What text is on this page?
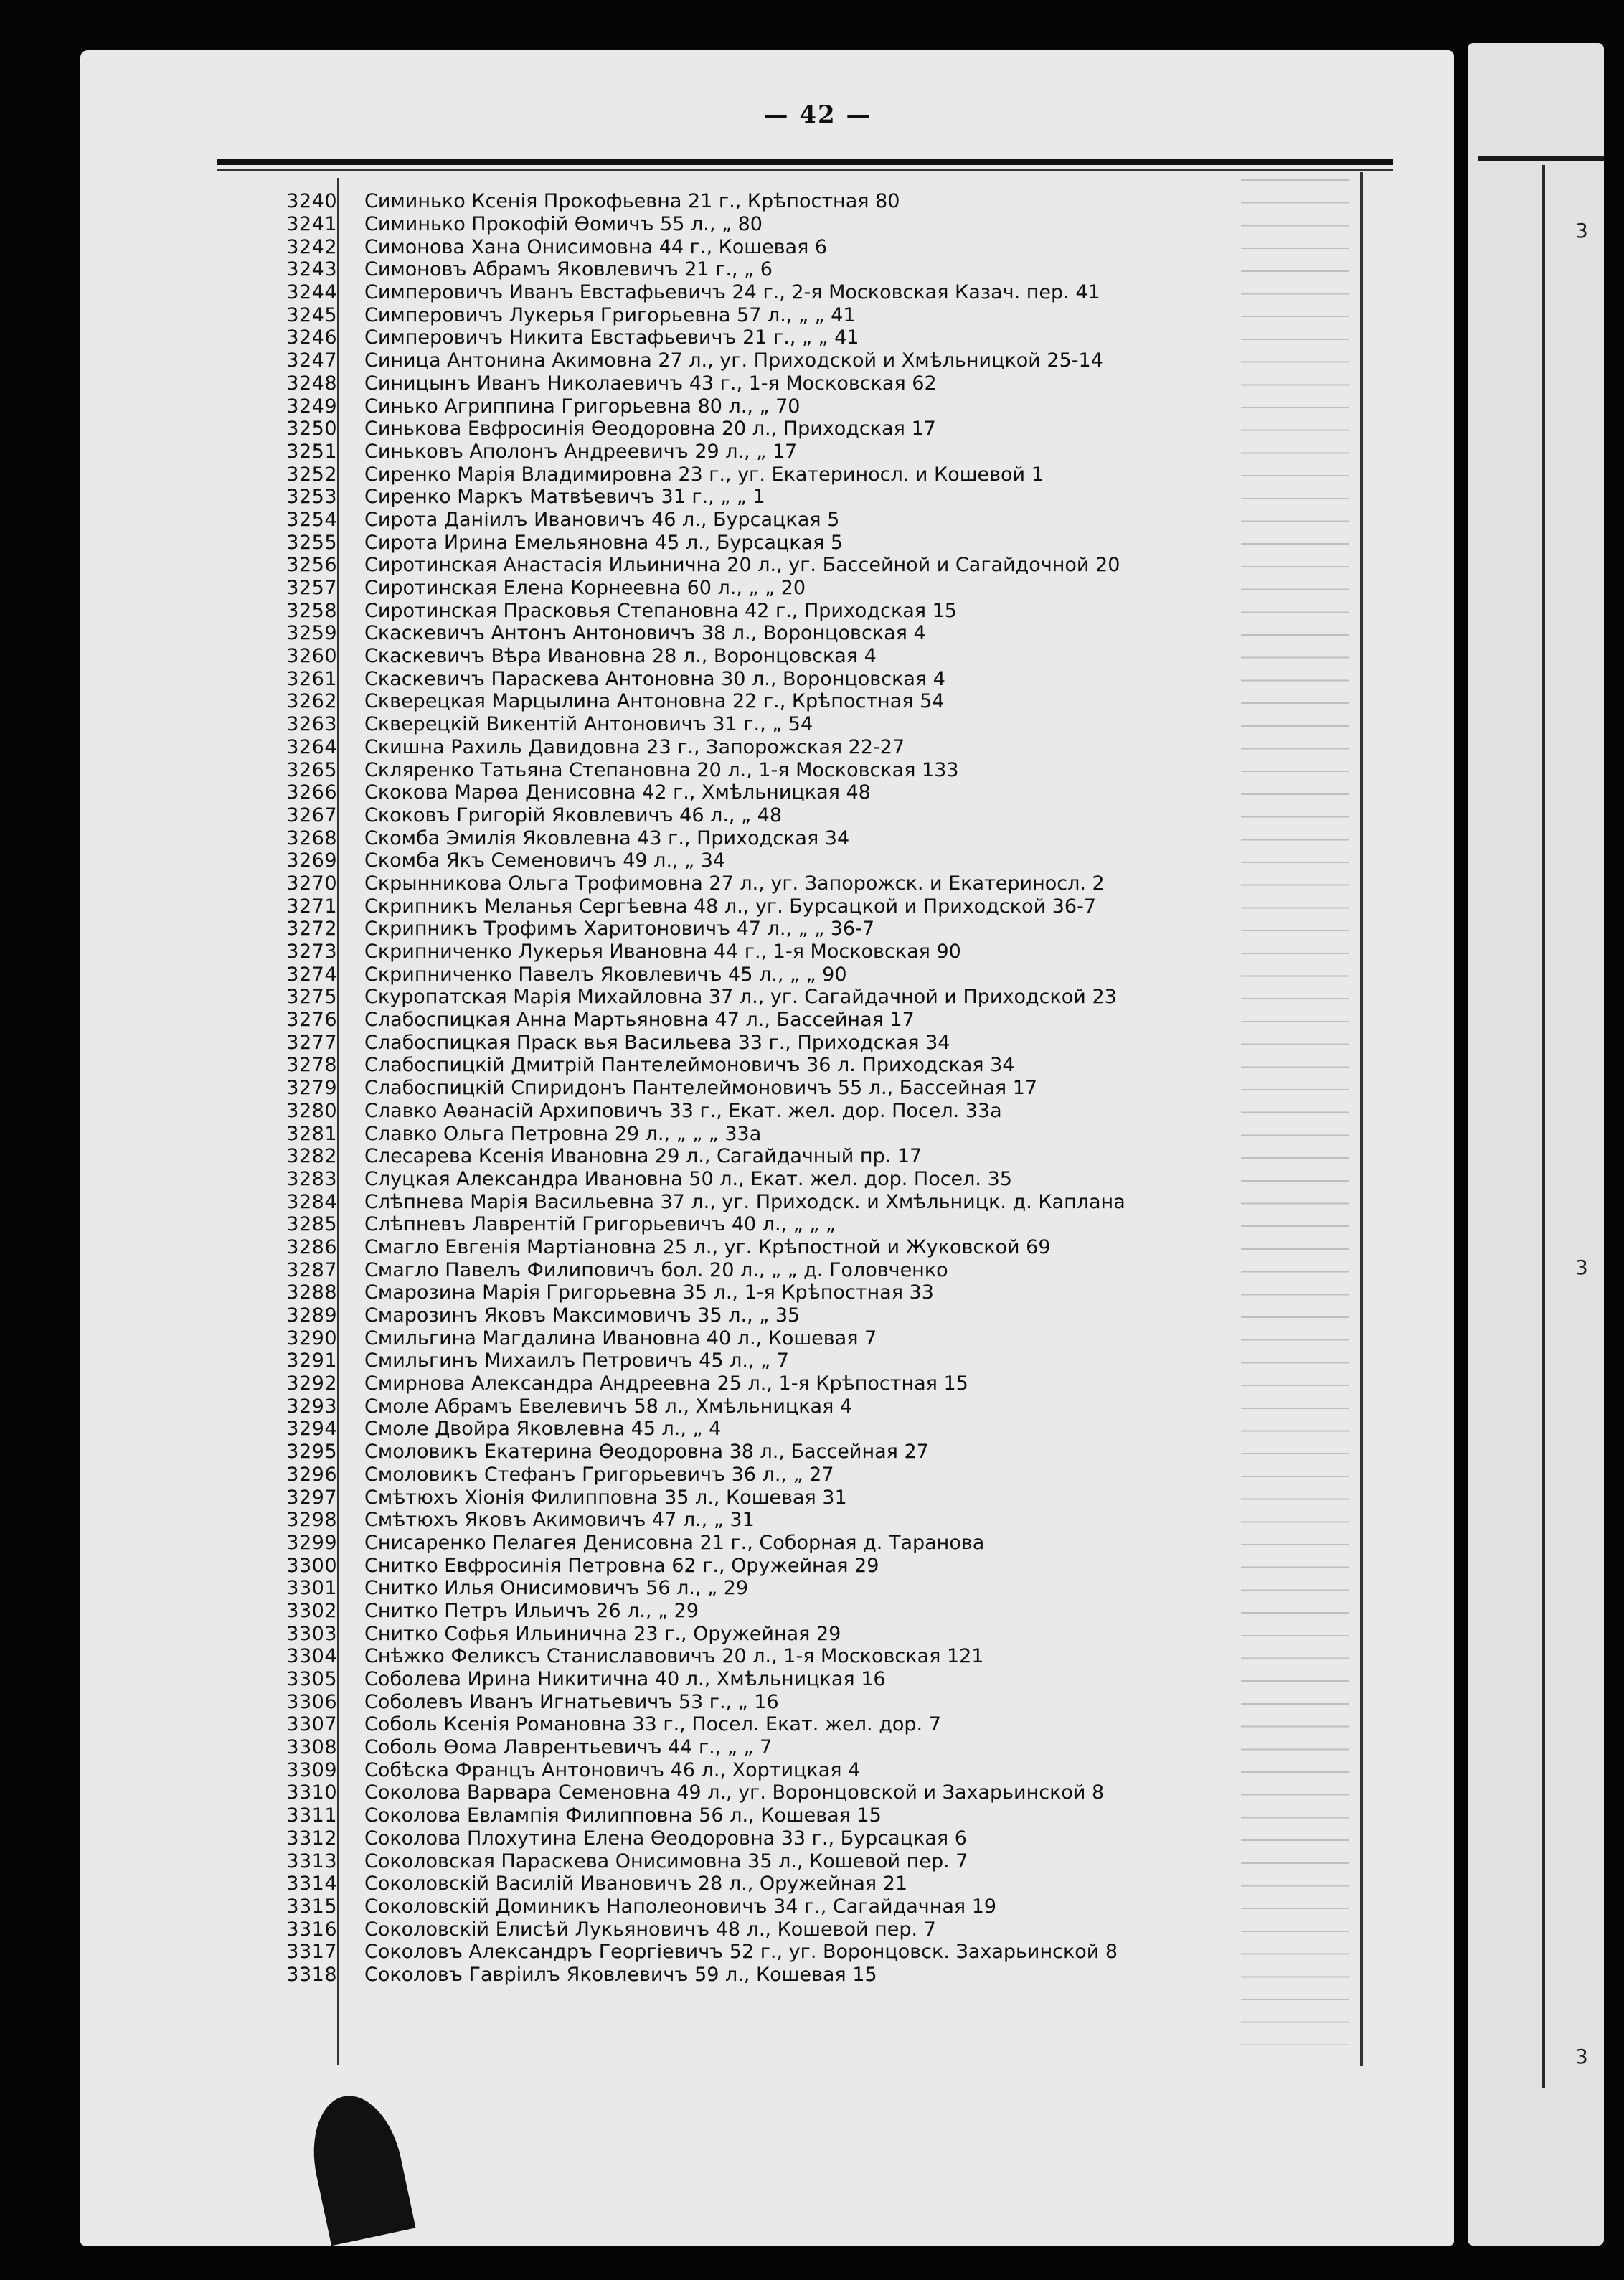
3
3
3
— 42 —
3240 Симинько Ксенія Прокофьевна 21 г., Крѣпостная 80
3241 Симинько Прокофій Өомичъ 55 л., „ 80
3242 Симонова Хана Онисимовна 44 г., Кошевая 6
3243 Симоновъ Абрамъ Яковлевичъ 21 г., „ 6
3244 Симперовичъ Иванъ Евстафьевичъ 24 г., 2-я Московская Казач. пер. 41
3245 Симперовичъ Лукерья Григорьевна 57 л., „ „ 41
3246 Симперовичъ Никита Евстафьевичъ 21 г., „ „ 41
3247 Синица Антонина Акимовна 27 л., уг. Приходской и Хмѣльницкой 25-14
3248 Синицынъ Иванъ Николаевичъ 43 г., 1-я Московская 62
3249 Синько Агриппина Григорьевна 80 л., „ 70
3250 Синькова Евфросинія Өеодоровна 20 л., Приходская 17
3251 Синьковъ Аполонъ Андреевичъ 29 л., „ 17
3252 Сиренко Марія Владимировна 23 г., уг. Екатериносл. и Кошевой 1
3253 Сиренко Маркъ Матвѣевичъ 31 г., „ „ 1
3254 Сирота Даніилъ Ивановичъ 46 л., Бурсацкая 5
3255 Сирота Ирина Емельяновна 45 л., Бурсацкая 5
3256 Сиротинская Анастасія Ильинична 20 л., уг. Бассейной и Сагайдочной 20
3257 Сиротинская Елена Корнеевна 60 л., „ „ 20
3258 Сиротинская Прасковья Степановна 42 г., Приходская 15
3259 Скаскевичъ Антонъ Антоновичъ 38 л., Воронцовская 4
3260 Скаскевичъ Вѣра Ивановна 28 л., Воронцовская 4
3261 Скаскевичъ Параскева Антоновна 30 л., Воронцовская 4
3262 Скверецкая Марцылина Антоновна 22 г., Крѣпостная 54
3263 Скверецкій Викентій Антоновичъ 31 г., „ 54
3264 Скишна Рахиль Давидовна 23 г., Запорожская 22-27
3265 Скляренко Татьяна Степановна 20 л., 1-я Московская 133
3266 Скокова Марөа Денисовна 42 г., Хмѣльницкая 48
3267 Скоковъ Григорій Яковлевичъ 46 л., „ 48
3268 Скомба Эмилія Яковлевна 43 г., Приходская 34
3269 Скомба Якъ Семеновичъ 49 л., „ 34
3270 Скрынникова Ольга Трофимовна 27 л., уг. Запорожск. и Екатериносл. 2
3271 Скрипникъ Меланья Сергѣевна 48 л., уг. Бурсацкой и Приходской 36-7
3272 Скрипникъ Трофимъ Харитоновичъ 47 л., „ „ 36-7
3273 Скрипниченко Лукерья Ивановна 44 г., 1-я Московская 90
3274 Скрипниченко Павелъ Яковлевичъ 45 л., „ „ 90
3275 Скуропатская Марія Михайловна 37 л., уг. Сагайдачной и Приходской 23
3276 Слабоспицкая Анна Мартьяновна 47 л., Бассейная 17
3277 Слабоспицкая Праск вья Васильева 33 г., Приходская 34
3278 Слабоспицкій Дмитрій Пантелеймоновичъ 36 л. Приходская 34
3279 Слабоспицкій Спиридонъ Пантелеймоновичъ 55 л., Бассейная 17
3280 Славко Аөанасій Архиповичъ 33 г., Екат. жел. дор. Посел. 33а
3281 Славко Ольга Петровна 29 л., „ „ „ 33а
3282 Слесарева Ксенія Ивановна 29 л., Сагайдачный пр. 17
3283 Слуцкая Александра Ивановна 50 л., Екат. жел. дор. Посел. 35
3284 Слѣпнева Марія Васильевна 37 л., уг. Приходск. и Хмѣльницк. д. Каплана
3285 Слѣпневъ Лаврентій Григорьевичъ 40 л., „ „ „
3286 Смагло Евгенія Мартіановна 25 л., уг. Крѣпостной и Жуковской 69
3287 Смагло Павелъ Филиповичъ бол. 20 л., „ „ д. Головченко
3288 Смарозина Марія Григорьевна 35 л., 1-я Крѣпостная 33
3289 Смарозинъ Яковъ Максимовичъ 35 л., „ 35
3290 Смильгина Магдалина Ивановна 40 л., Кошевая 7
3291 Смильгинъ Михаилъ Петровичъ 45 л., „ 7
3292 Смирнова Александра Андреевна 25 л., 1-я Крѣпостная 15
3293 Смоле Абрамъ Евелевичъ 58 л., Хмѣльницкая 4
3294 Смоле Двойра Яковлевна 45 л., „ 4
3295 Смоловикъ Екатерина Өеодоровна 38 л., Бассейная 27
3296 Смоловикъ Стефанъ Григорьевичъ 36 л., „ 27
3297 Смѣтюхъ Хіонія Филипповна 35 л., Кошевая 31
3298 Смѣтюхъ Яковъ Акимовичъ 47 л., „ 31
3299 Снисаренко Пелагея Денисовна 21 г., Соборная д. Таранова
3300 Снитко Евфросинія Петровна 62 г., Оружейная 29
3301 Снитко Илья Онисимовичъ 56 л., „ 29
3302 Снитко Петръ Ильичъ 26 л., „ 29
3303 Снитко Софья Ильинична 23 г., Оружейная 29
3304 Снѣжко Феликсъ Станиславовичъ 20 л., 1-я Московская 121
3305 Соболева Ирина Никитична 40 л., Хмѣльницкая 16
3306 Соболевъ Иванъ Игнатьевичъ 53 г., „ 16
3307 Соболь Ксенія Романовна 33 г., Посел. Екат. жел. дор. 7
3308 Соболь Өома Лаврентьевичъ 44 г., „ „ 7
3309 Собѣска Францъ Антоновичъ 46 л., Хортицкая 4
3310 Соколова Варвара Семеновна 49 л., уг. Воронцовской и Захарьинской 8
3311 Соколова Евлампія Филипповна 56 л., Кошевая 15
3312 Соколова Плохутина Елена Өеодоровна 33 г., Бурсацкая 6
3313 Соколовская Параскева Онисимовна 35 л., Кошевой пер. 7
3314 Соколовскій Василій Ивановичъ 28 л., Оружейная 21
3315 Соколовскій Доминикъ Наполеоновичъ 34 г., Сагайдачная 19
3316 Соколовскій Елисѣй Лукьяновичъ 48 л., Кошевой пер. 7
3317 Соколовъ Александръ Георгіевичъ 52 г., уг. Воронцовск. Захарьинской 8
3318 Соколовъ Гавріилъ Яковлевичъ 59 л., Кошевая 15
